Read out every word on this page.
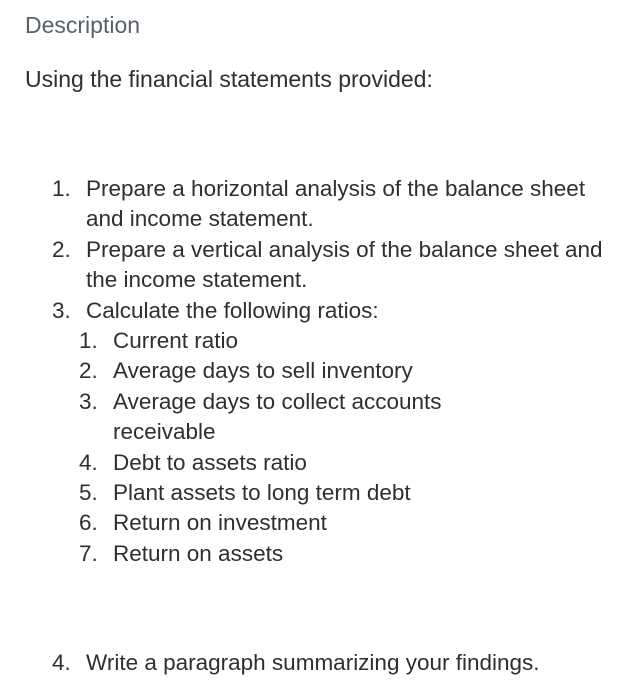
Description
Using the financial statements provided:
1. Prepare a horizontal analysis of the balance sheet and income statement.
2. Prepare a vertical analysis of the balance sheet and the income statement.
3. Calculate the following ratios:
1. Current ratio
2. Average days to sell inventory
3. Average days to collect accounts receivable
4. Debt to assets ratio
5. Plant assets to long term debt
6. Return on investment
7. Return on assets
4. Write a paragraph summarizing your findings.
